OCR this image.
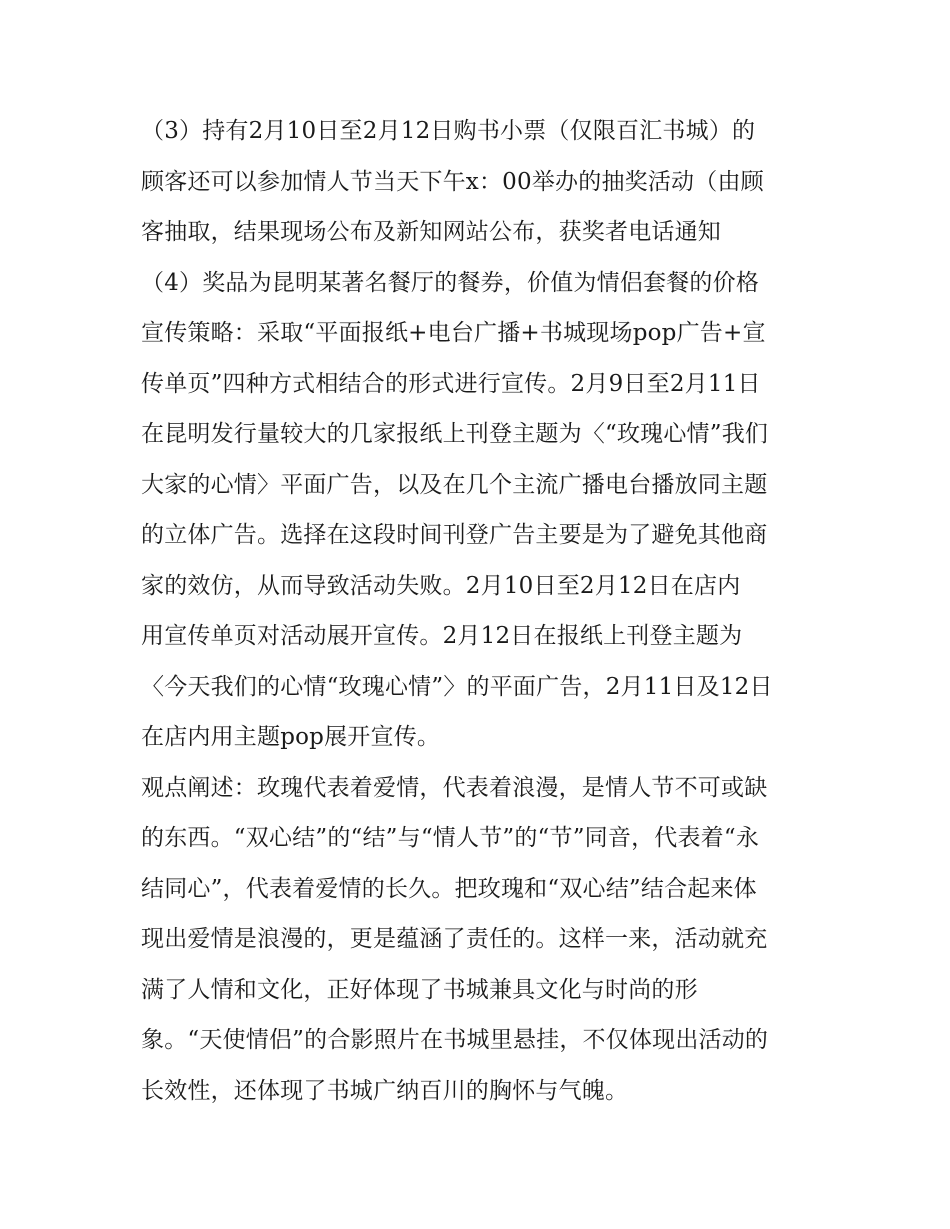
（3）持有2月10日至2月12日购书小票（仅限百汇书城）的
顾客还可以参加情人节当天下午x：00举办的抽奖活动（由顾
客抽取，结果现场公布及新知网站公布，获奖者电话通知
（4）奖品为昆明某著名餐厅的餐券，价值为情侣套餐的价格
宣传策略：采取“平面报纸+电台广播+书城现场pop广告+宣
传单页”四种方式相结合的形式进行宣传。2月9日至2月11日
在昆明发行量较大的几家报纸上刊登主题为〈“玫瑰心情”我们
大家的心情〉平面广告，以及在几个主流广播电台播放同主题
的立体广告。选择在这段时间刊登广告主要是为了避免其他商
家的效仿，从而导致活动失败。2月10日至2月12日在店内
用宣传单页对活动展开宣传。2月12日在报纸上刊登主题为
〈今天我们的心情“玫瑰心情”〉的平面广告，2月11日及12日
在店内用主题pop展开宣传。
观点阐述：玫瑰代表着爱情，代表着浪漫，是情人节不可或缺
的东西。“双心结”的“结”与“情人节”的“节”同音，代表着“永
结同心”，代表着爱情的长久。把玫瑰和“双心结”结合起来体
现出爱情是浪漫的，更是蕴涵了责任的。这样一来，活动就充
满了人情和文化，正好体现了书城兼具文化与时尚的形
象。“天使情侣”的合影照片在书城里悬挂，不仅体现出活动的
长效性，还体现了书城广纳百川的胸怀与气魄。
